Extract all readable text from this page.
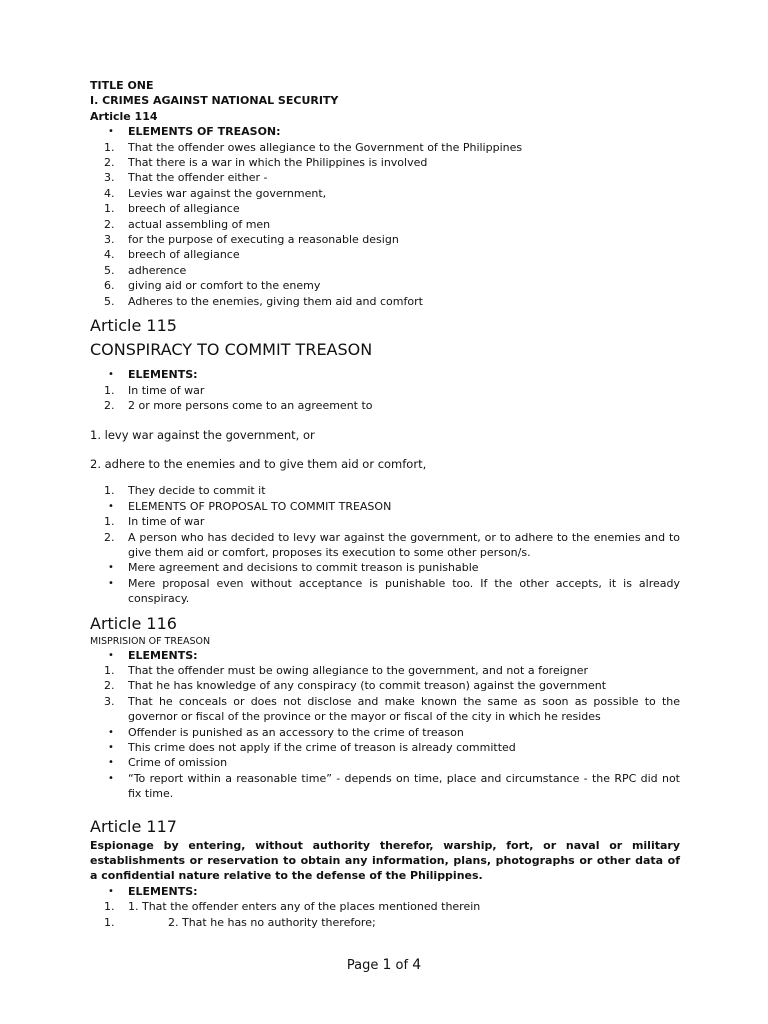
TITLE ONE
I. CRIMES AGAINST NATIONAL SECURITY
Article 114
•	ELEMENTS OF TREASON:
1.	That the offender owes allegiance to the Government of the Philippines
2.	That there is a war in which the Philippines is involved
3.	That the offender either -
4.	Levies war against the government,
1.	breech of allegiance
2.	actual assembling of men
3.	for the purpose of executing a reasonable design
4.	breech of allegiance
5.	adherence
6.	giving aid or comfort to the enemy
5.	Adheres to the enemies, giving them aid and comfort
Article 115
CONSPIRACY TO COMMIT TREASON
•	ELEMENTS:
1.	In time of war
2.	2 or more persons come to an agreement to
1. levy war against the government, or
2. adhere to the enemies and to give them aid or comfort,
1.	They decide to commit it
•	ELEMENTS OF PROPOSAL TO COMMIT TREASON
1.	In time of war
2.	A person who has decided to levy war against the government, or to adhere to the enemies and to give them aid or comfort, proposes its execution to some other person/s.
•	Mere agreement and decisions to commit treason is punishable
•	Mere proposal even without acceptance is punishable too. If the other accepts, it is already conspiracy.
Article 116
MISPRISION OF TREASON
•	ELEMENTS:
1.	That the offender must be owing allegiance to the government, and not a foreigner
2.	That he has knowledge of any conspiracy (to commit treason) against the government
3.	That he conceals or does not disclose and make known the same as soon as possible to the governor or fiscal of the province or the mayor or fiscal of the city in which he resides
•	Offender is punished as an accessory to the crime of treason
•	This crime does not apply if the crime of treason is already committed
•	Crime of omission
•	“To report within a reasonable time” - depends on time, place and circumstance - the RPC did not fix time.
Article 117
Espionage by entering, without authority therefor, warship, fort, or naval or military establishments or reservation to obtain any information, plans, photographs or other data of a confidential nature relative to the defense of the Philippines.
•	ELEMENTS:
1.	1. That the offender enters any of the places mentioned therein
1.	2. That he has no authority therefore;
Page 1 of 4
